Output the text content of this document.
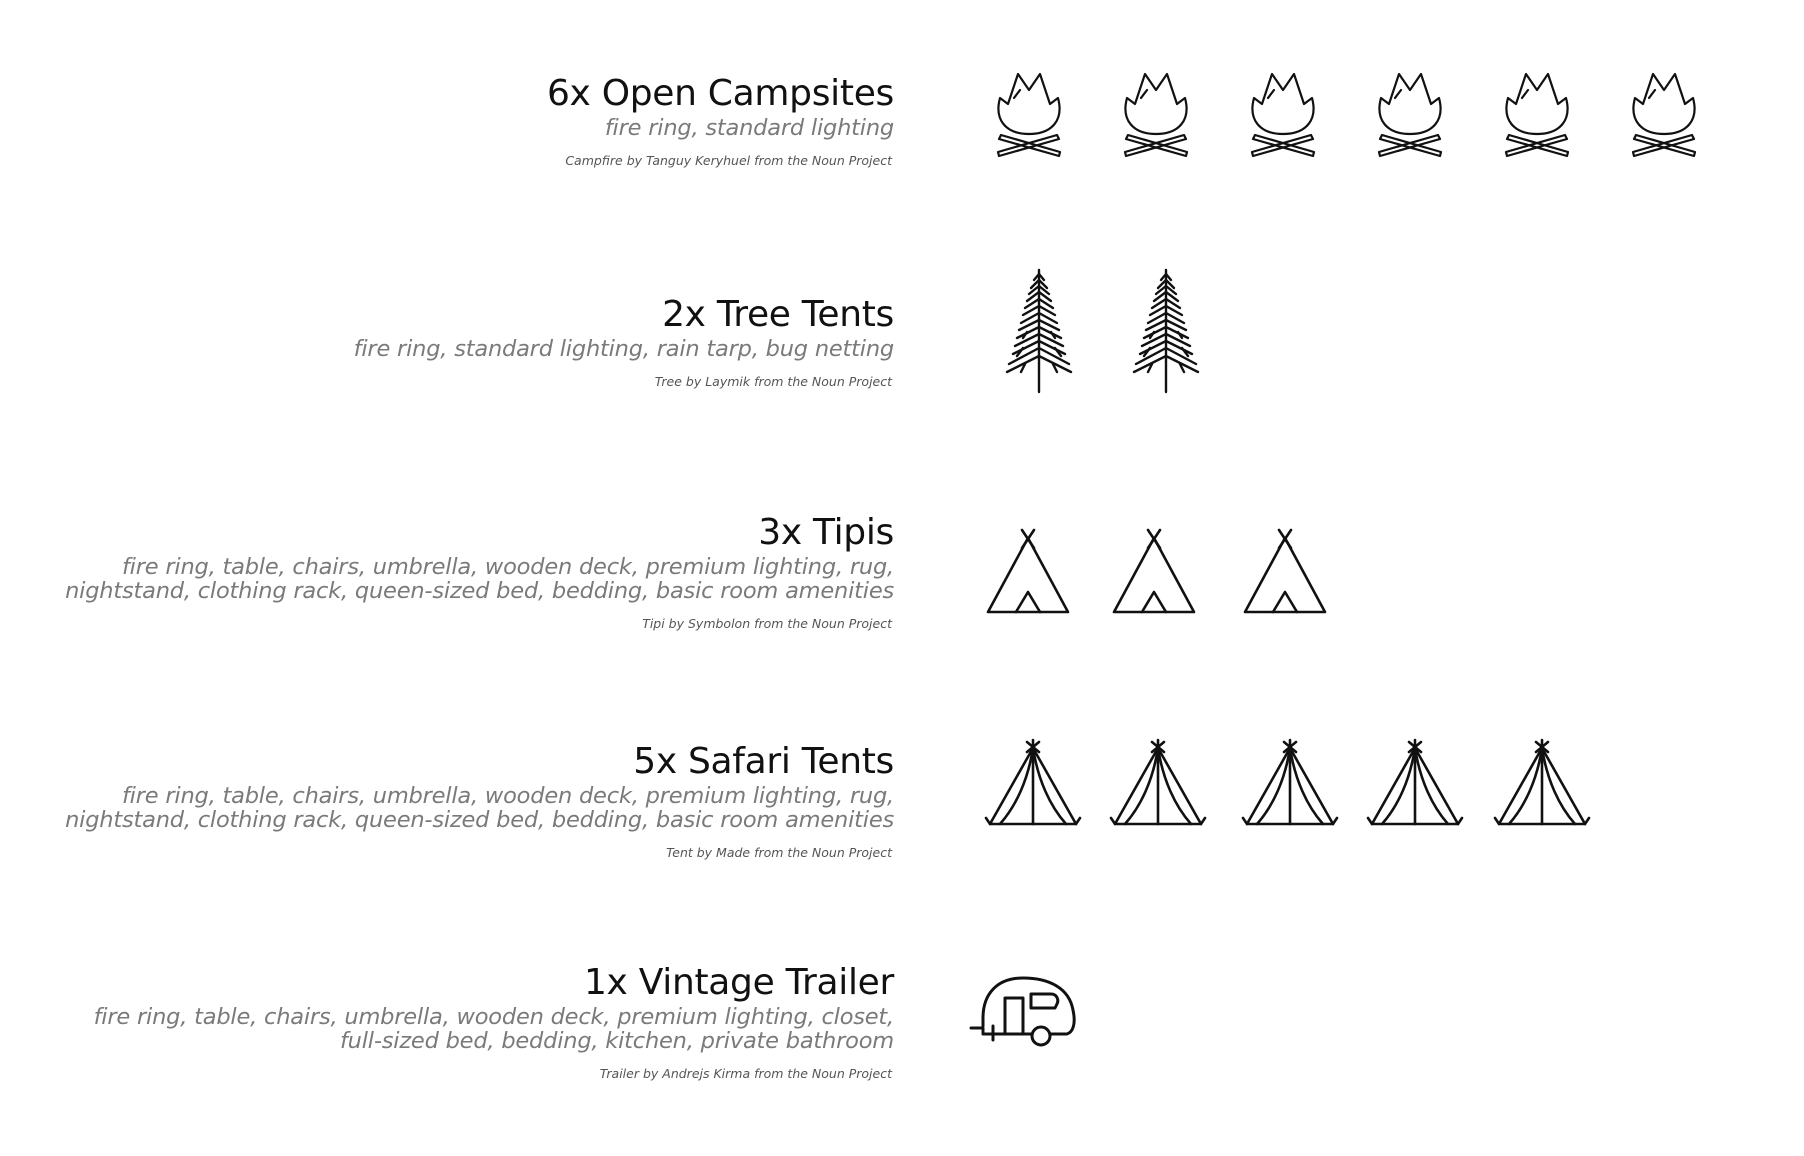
6x Open Campsites
fire ring, standard lighting
Campfire by Tanguy Keryhuel from the Noun Project
2x Tree Tents
fire ring, standard lighting, rain tarp, bug netting
Tree by Laymik from the Noun Project
3x Tipis
fire ring, table, chairs, umbrella, wooden deck, premium lighting, rug,
nightstand, clothing rack, queen-sized bed, bedding, basic room amenities
Tipi by Symbolon from the Noun Project
5x Safari Tents
fire ring, table, chairs, umbrella, wooden deck, premium lighting, rug,
nightstand, clothing rack, queen-sized bed, bedding, basic room amenities
Tent by Made from the Noun Project
1x Vintage Trailer
fire ring, table, chairs, umbrella, wooden deck, premium lighting, closet,
full-sized bed, bedding, kitchen, private bathroom
Trailer by Andrejs Kirma from the Noun Project
